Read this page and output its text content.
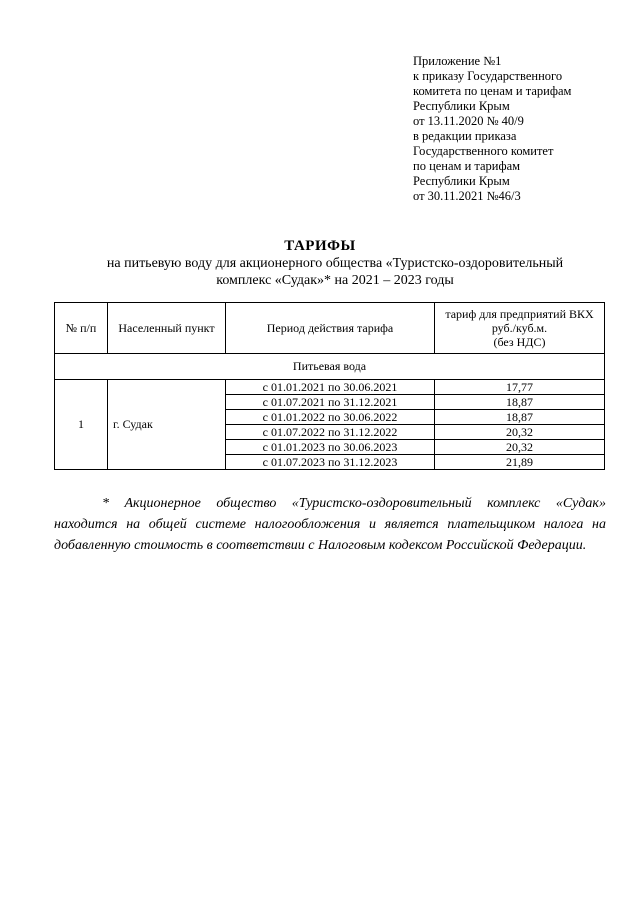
Приложение №1
к приказу Государственного
комитета по ценам и тарифам
Республики Крым
от 13.11.2020 № 40/9
в редакции приказа
Государственного комитет
по ценам и тарифам
Республики Крым
от 30.11.2021 №46/3
ТАРИФЫ
на питьевую воду для акционерного общества «Туристско-оздоровительный
комплекс «Судак»* на 2021 – 2023 годы
№ п/п	Населенный пункт	Период действия тарифа	тариф для предприятий ВКХ
руб./куб.м.
(без НДС)

Питьевая вода			
1	г. Судак	с 01.01.2021 по 30.06.2021	17,77
		с 01.07.2021 по 31.12.2021	18,87
		с 01.01.2022 по 30.06.2022	18,87
		с 01.07.2022 по 31.12.2022	20,32
		с 01.01.2023 по 30.06.2023	20,32
		с 01.07.2023 по 31.12.2023	21,89
* Акционерное общество «Туристско-оздоровительный комплекс «Судак» находится на общей системе налогообложения и является плательщиком налога на добавленную стоимость в соответствии с Налоговым кодексом Российской Федерации.
